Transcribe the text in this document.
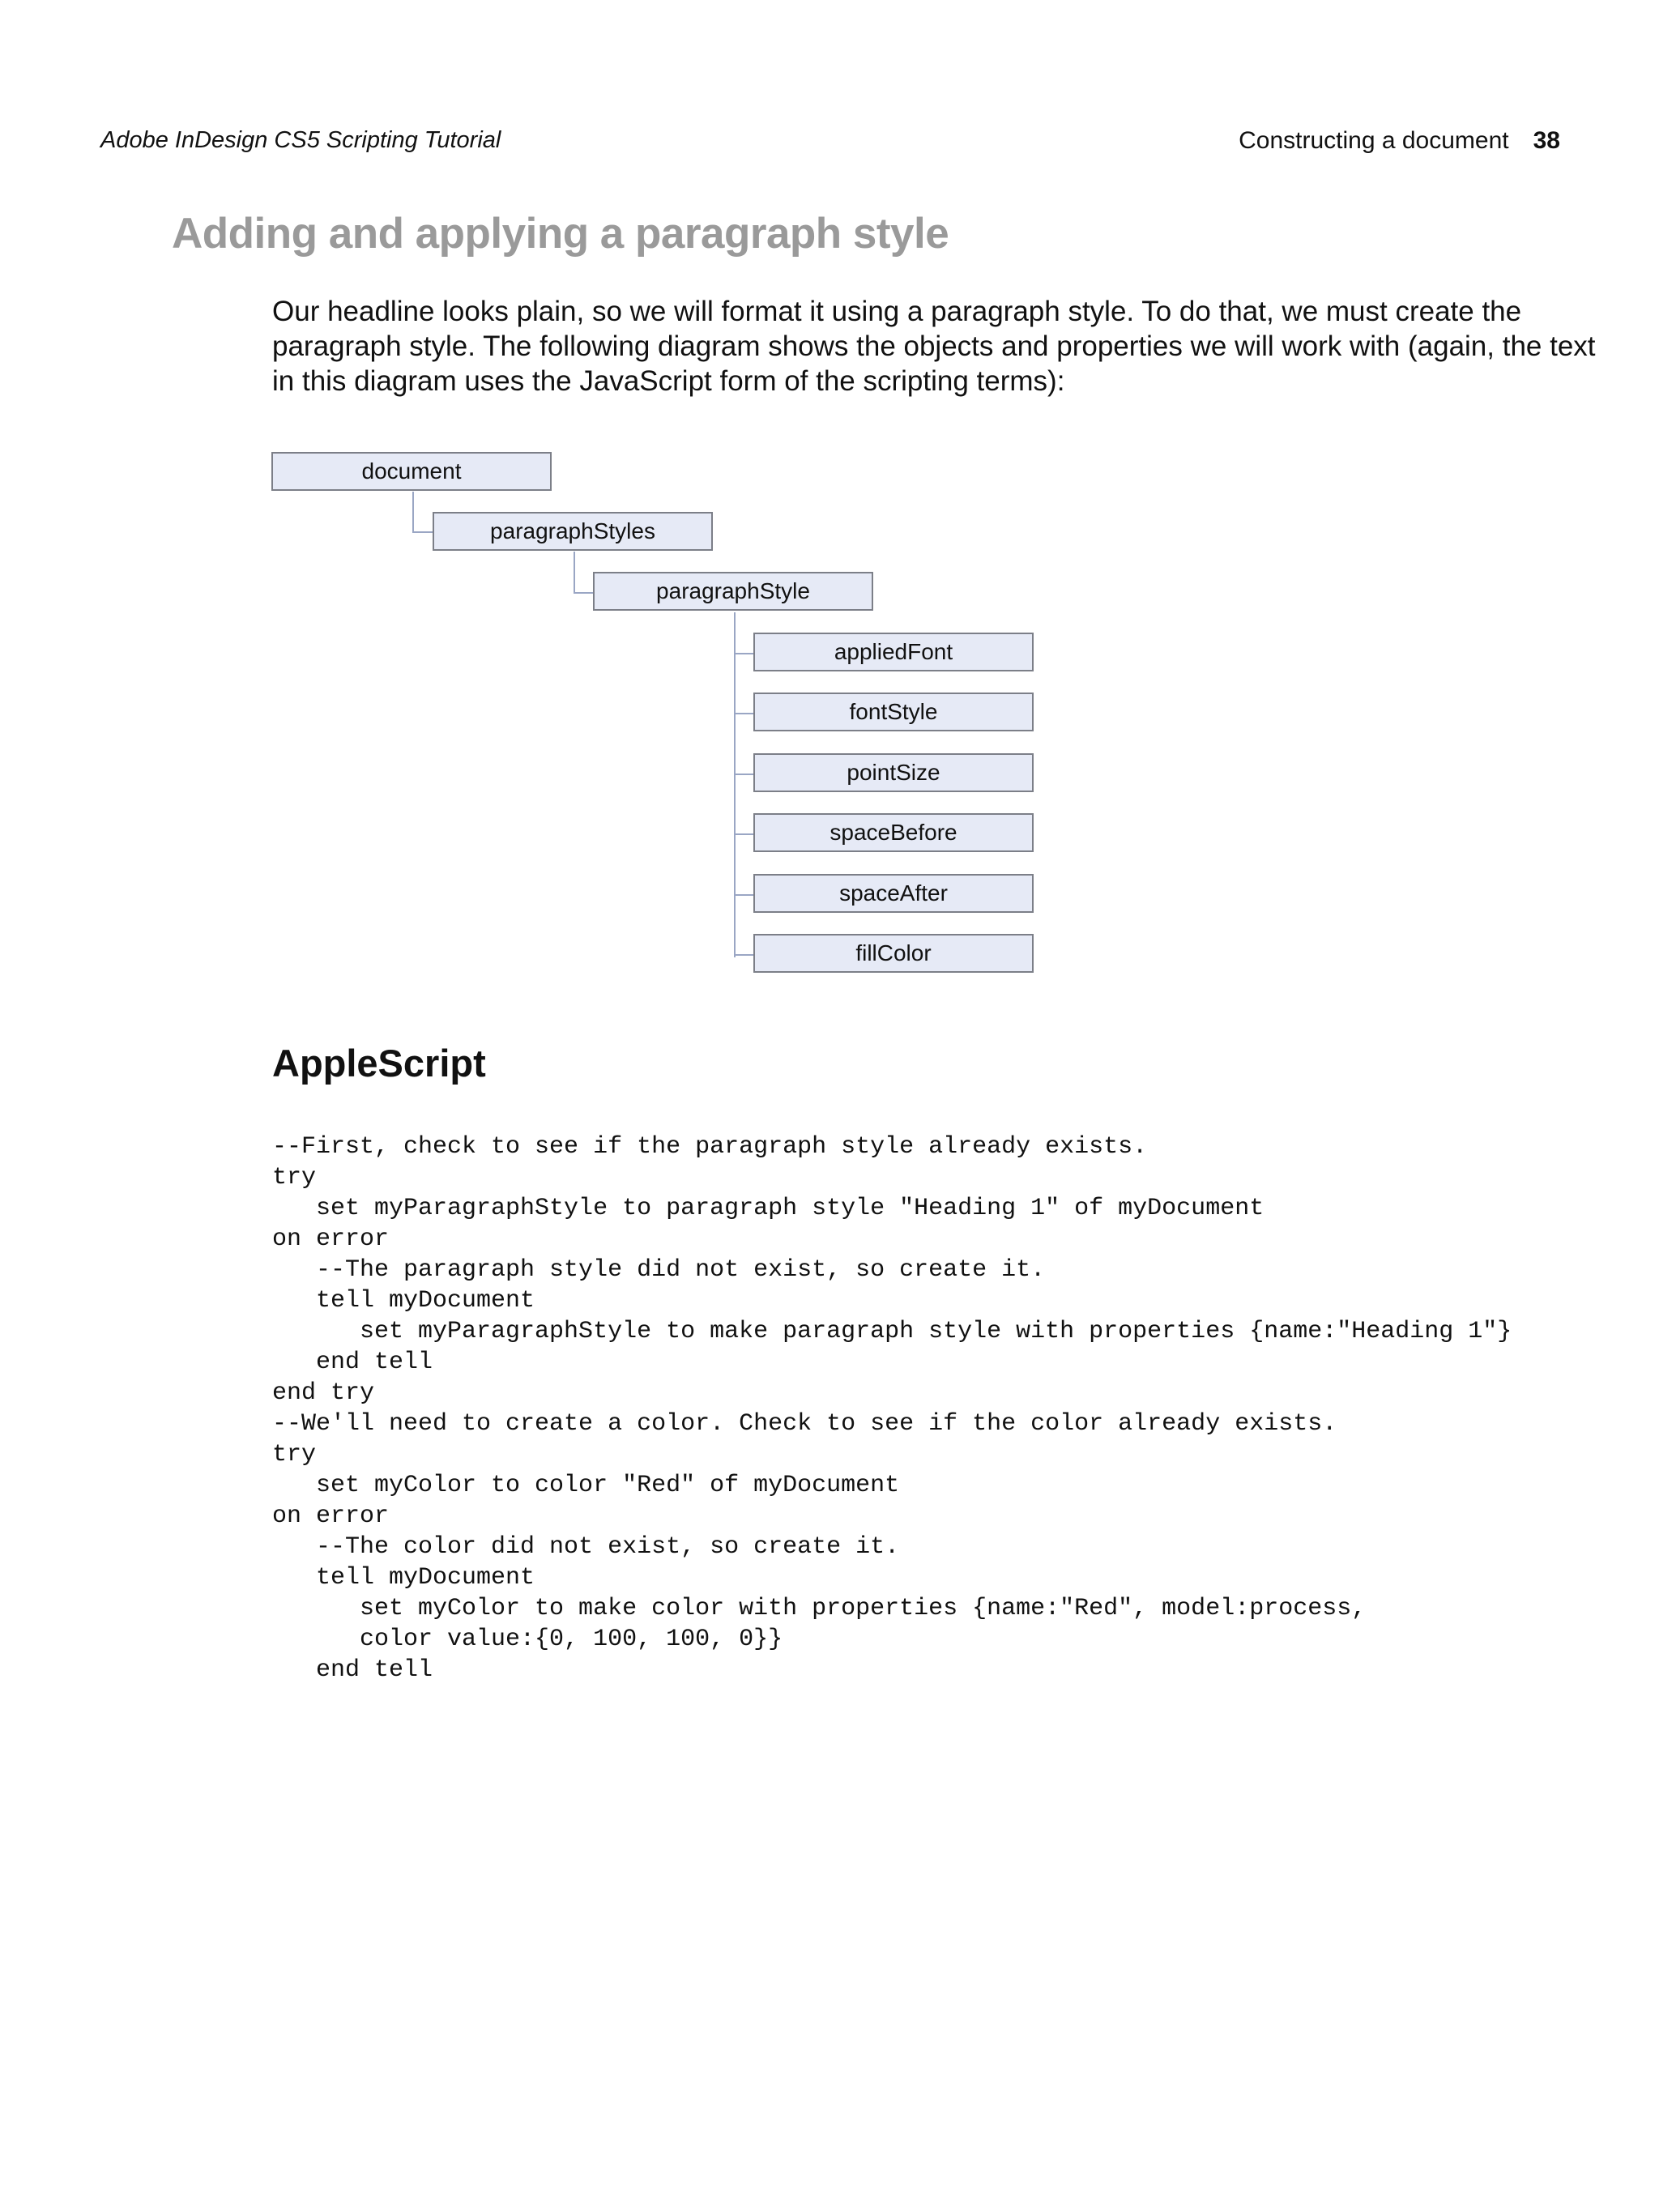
Adobe InDesign CS5 Scripting Tutorial	Constructing a document 38
Adding and applying a paragraph style

Our headline looks plain, so we will format it using a paragraph style. To do that, we must create the
paragraph style. The following diagram shows the objects and properties we will work with (again, the text
in this diagram uses the JavaScript form of the scripting terms):

document
paragraphStyles
paragraphStyle
appliedFont
fontStyle
pointSize
spaceBefore
spaceAfter
fillColor
AppleScript
--First, check to see if the paragraph style already exists.
try
set myParagraphStyle to paragraph style "Heading 1" of myDocument
on error
--The paragraph style did not exist, so create it.
tell myDocument
set myParagraphStyle to make paragraph style with properties {name:"Heading 1"}
end tell
end try
--We'll need to create a color. Check to see if the color already exists.
try
set myColor to color "Red" of myDocument
on error
--The color did not exist, so create it.
tell myDocument
set myColor to make color with properties {name:"Red", model:process,
color value:{0, 100, 100, 0}}
end tell
